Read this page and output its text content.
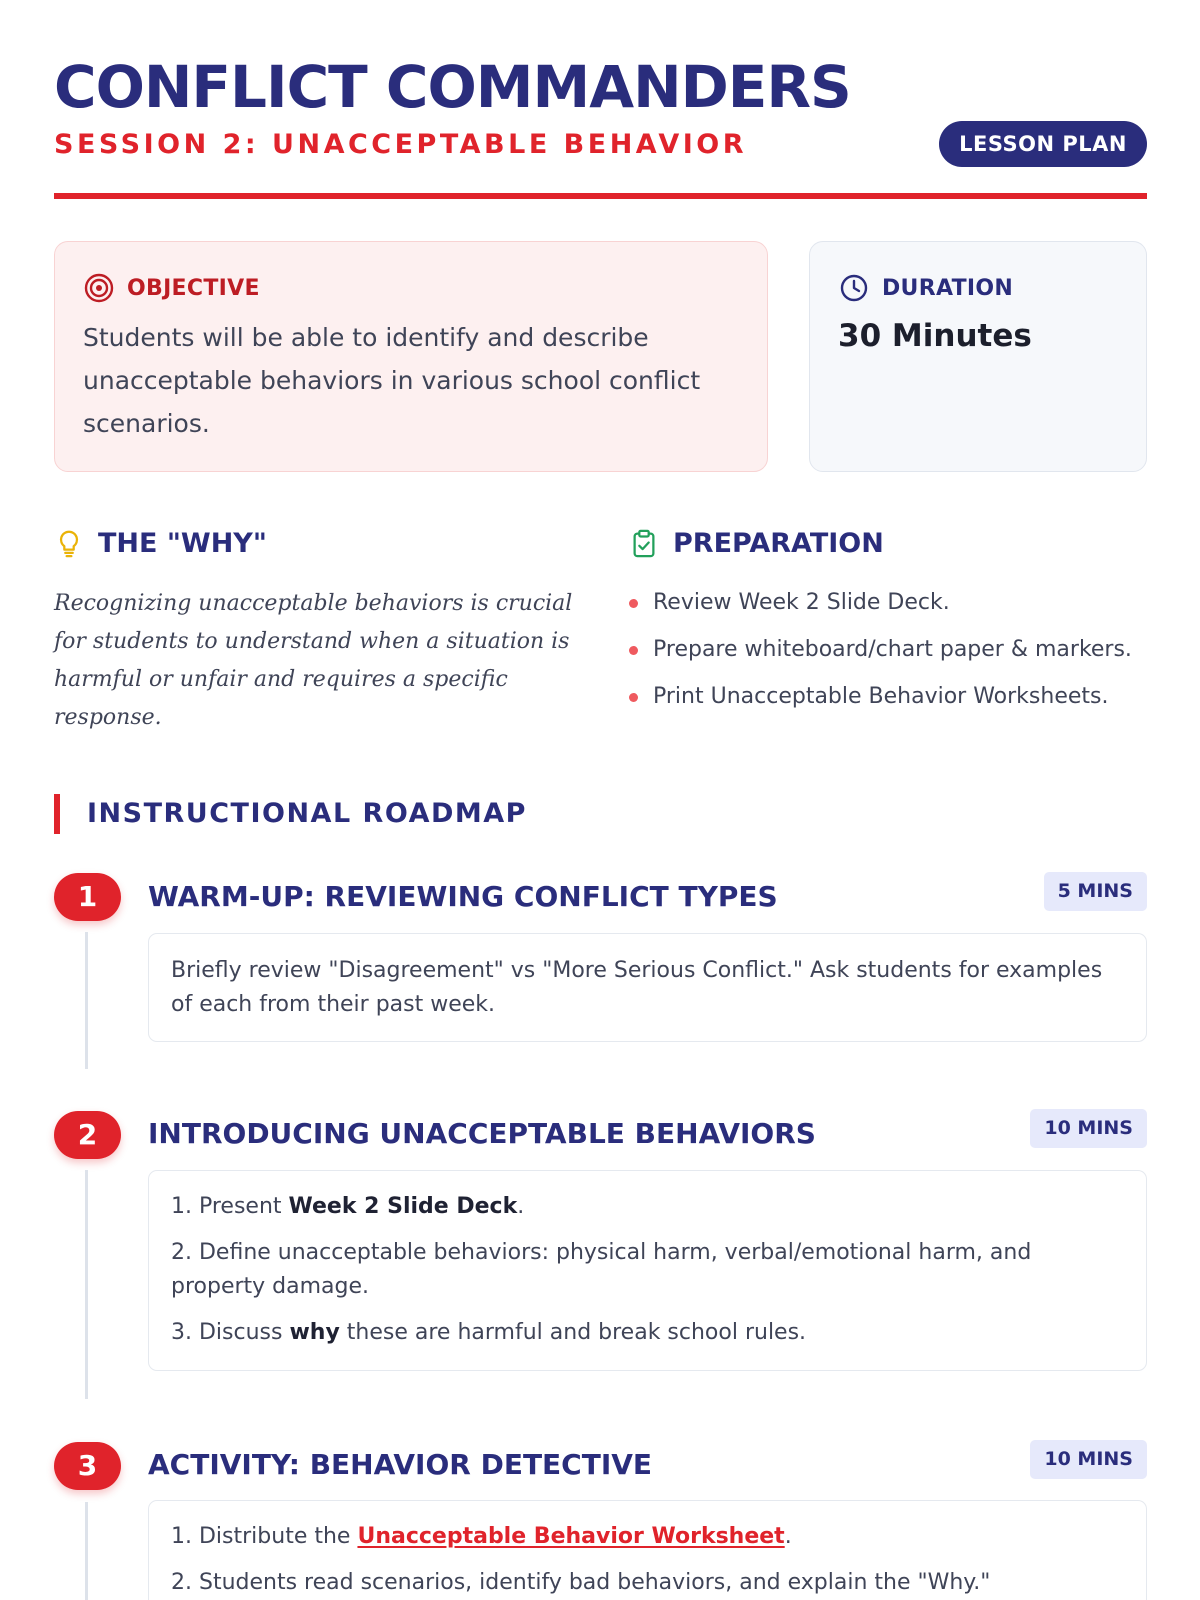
CONFLICT COMMANDERS
SESSION 2: UNACCEPTABLE BEHAVIOR	LESSON PLAN
OBJECTIVE

Students will be able to identify and describe unacceptable behaviors in various school conflict scenarios.

DURATION
30 Minutes
THE "WHY"

Recognizing unacceptable behaviors is crucial for students to understand when a situation is harmful or unfair and requires a specific response.

PREPARATION
Review Week 2 Slide Deck.
Prepare whiteboard/chart paper & markers.
Print Unacceptable Behavior Worksheets.
INSTRUCTIONAL ROADMAP
1	WARM-UP: REVIEWING CONFLICT TYPES	5 MINS

Briefly review "Disagreement" vs "More Serious Conflict." Ask students for examples of each from their past week.

2	INTRODUCING UNACCEPTABLE BEHAVIORS	10 MINS

1. Present Week 2 Slide Deck.

2. Define unacceptable behaviors: physical harm, verbal/emotional harm, and property damage.

3. Discuss why these are harmful and break school rules.

3	ACTIVITY: BEHAVIOR DETECTIVE	10 MINS

1. Distribute the Unacceptable Behavior Worksheet.

2. Students read scenarios, identify bad behaviors, and explain the "Why."
